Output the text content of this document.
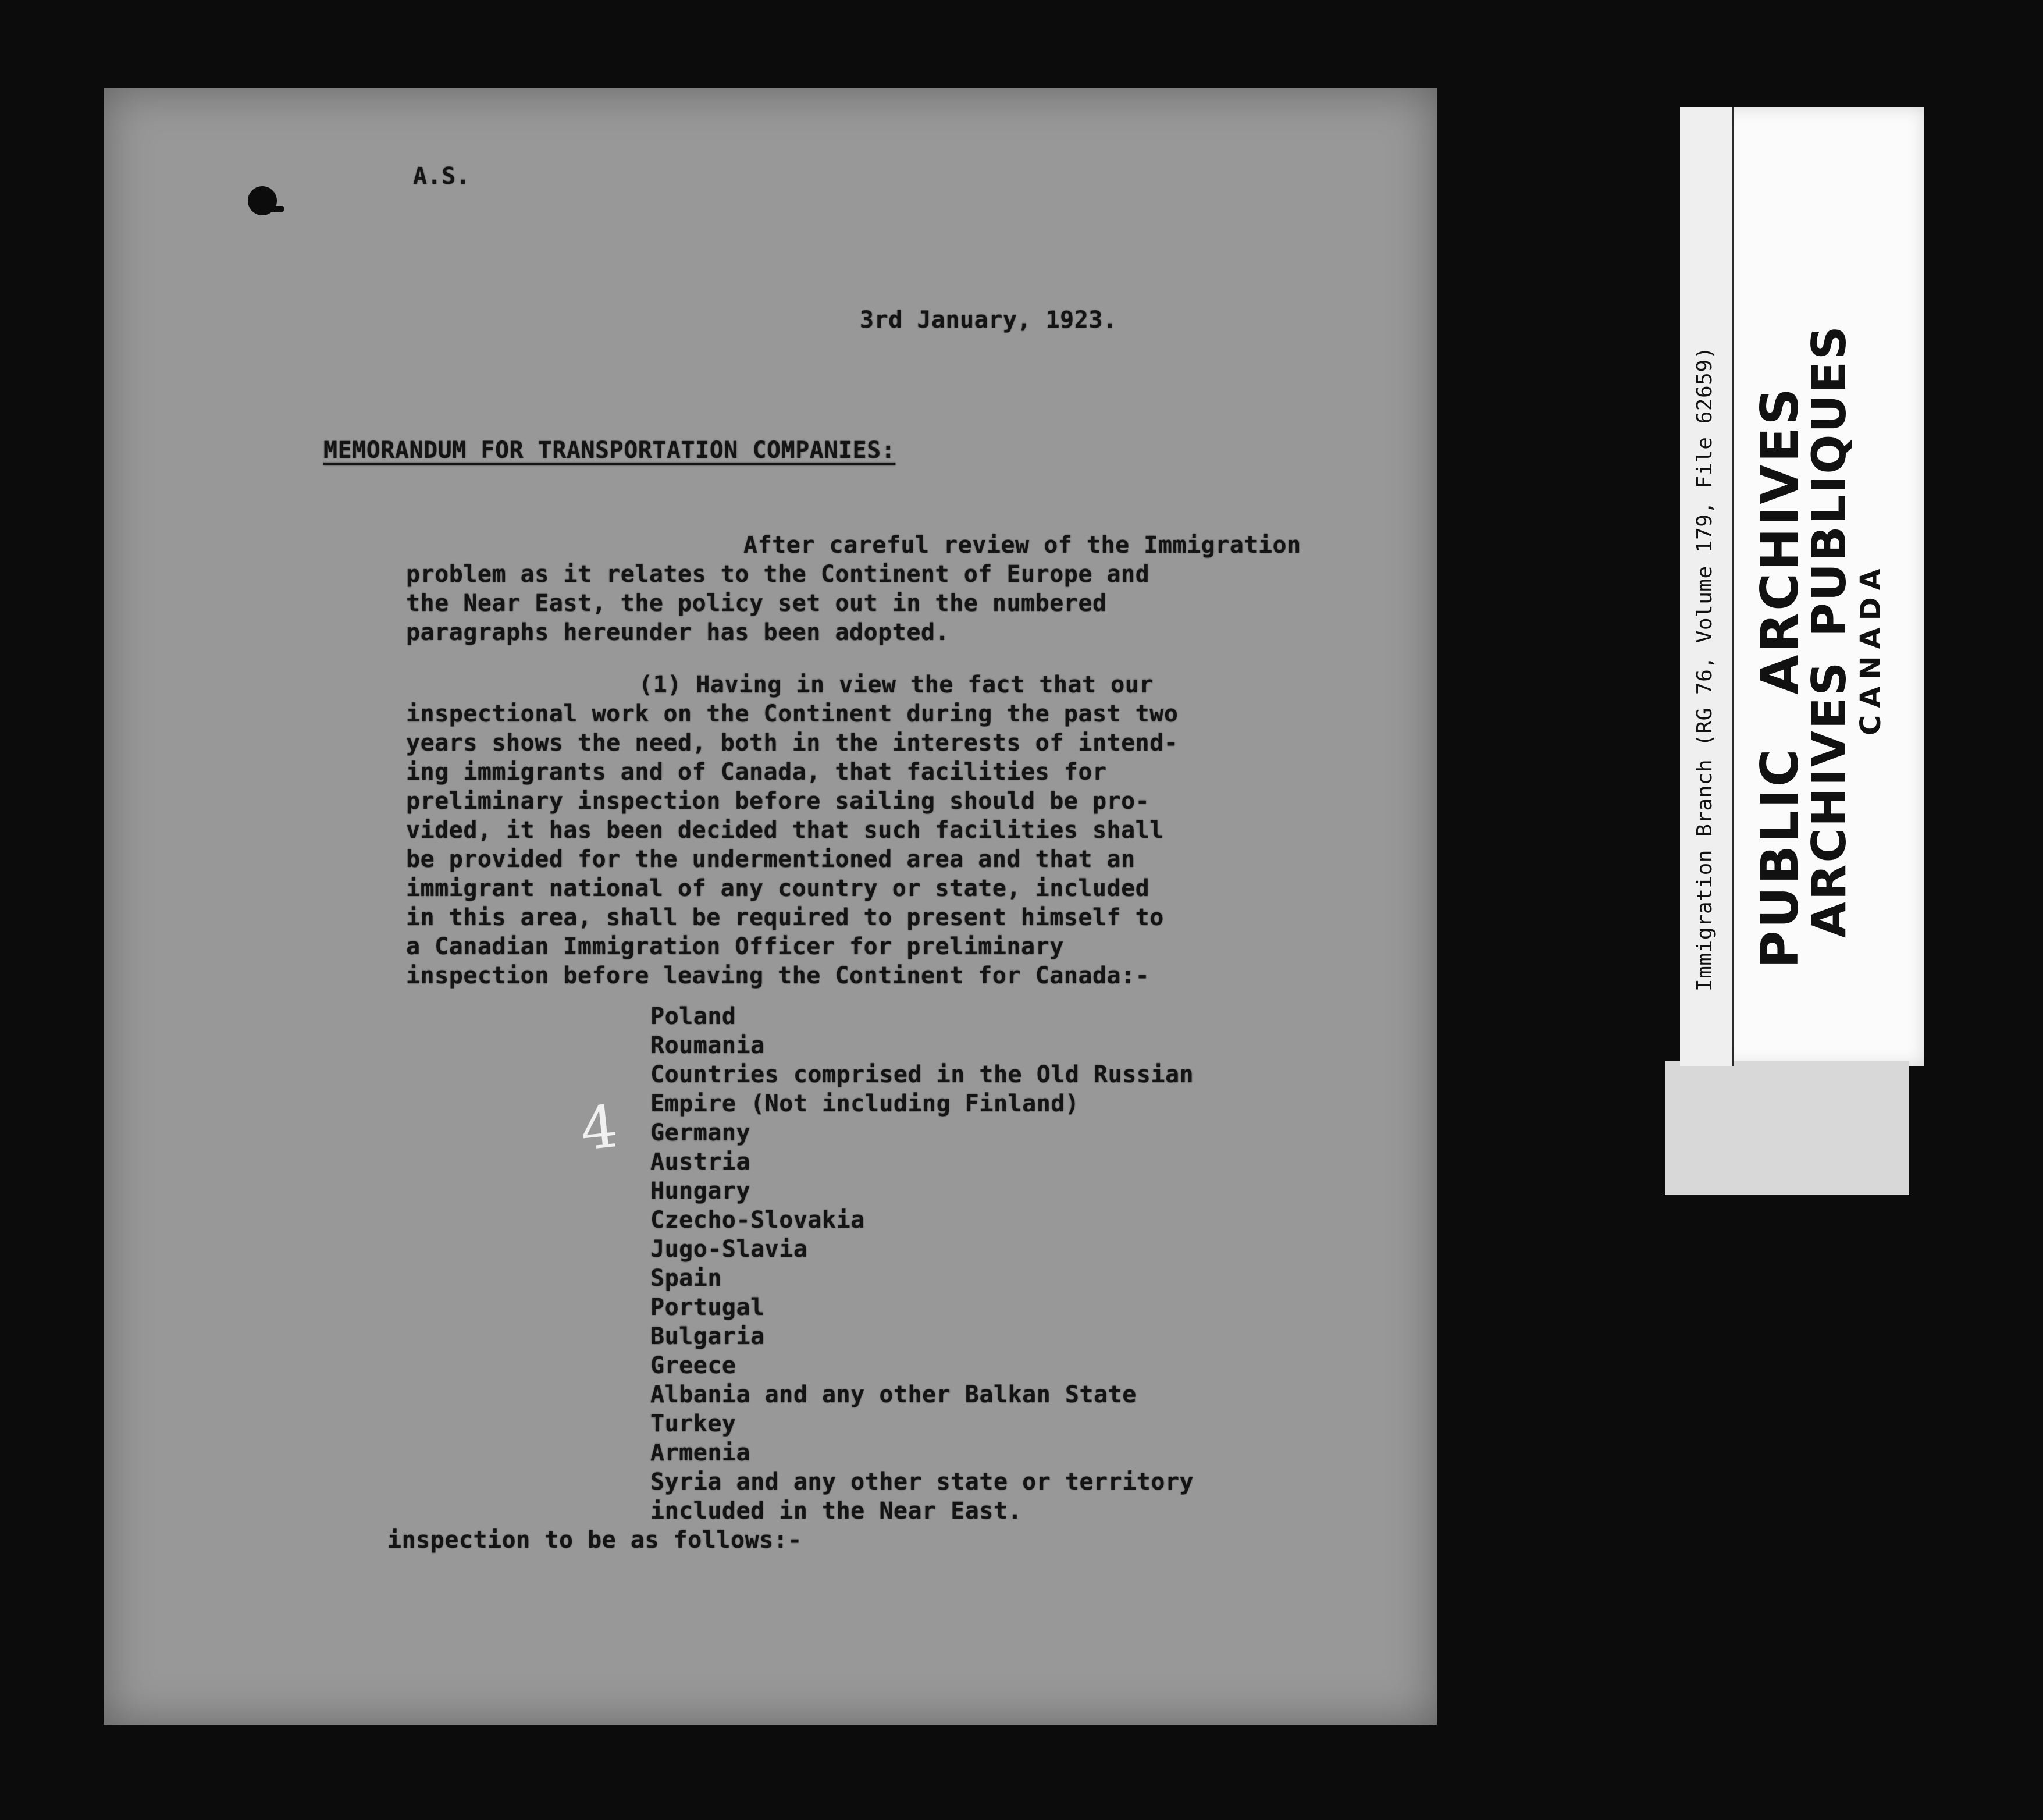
A.S.
3rd January, 1923.
MEMORANDUM FOR TRANSPORTATION COMPANIES:
After careful review of the Immigration
problem as it relates to the Continent of Europe and
the Near East, the policy set out in the numbered
paragraphs hereunder has been adopted.
(1) Having in view the fact that our
inspectional work on the Continent during the past two
years shows the need, both in the interests of intend-
ing immigrants and of Canada, that facilities for
preliminary inspection before sailing should be pro-
vided, it has been decided that such facilities shall
be provided for the undermentioned area and that an
immigrant national of any country or state, included
in this area, shall be required to present himself to
a Canadian Immigration Officer for preliminary
inspection before leaving the Continent for Canada:-
Poland
Roumania
Countries comprised in the Old Russian
Empire (Not including Finland)
Germany
Austria
Hungary
Czecho-Slovakia
Jugo-Slavia
Spain
Portugal
Bulgaria
Greece
Albania and any other Balkan State
Turkey
Armenia
Syria and any other state or territory
included in the Near East.
4
inspection to be as follows:-
Immigration Branch (RG 76, Volume 179, File 62659) PUBLICARCHIVES
ARCHIVESPUBLIQUES
CANADA
